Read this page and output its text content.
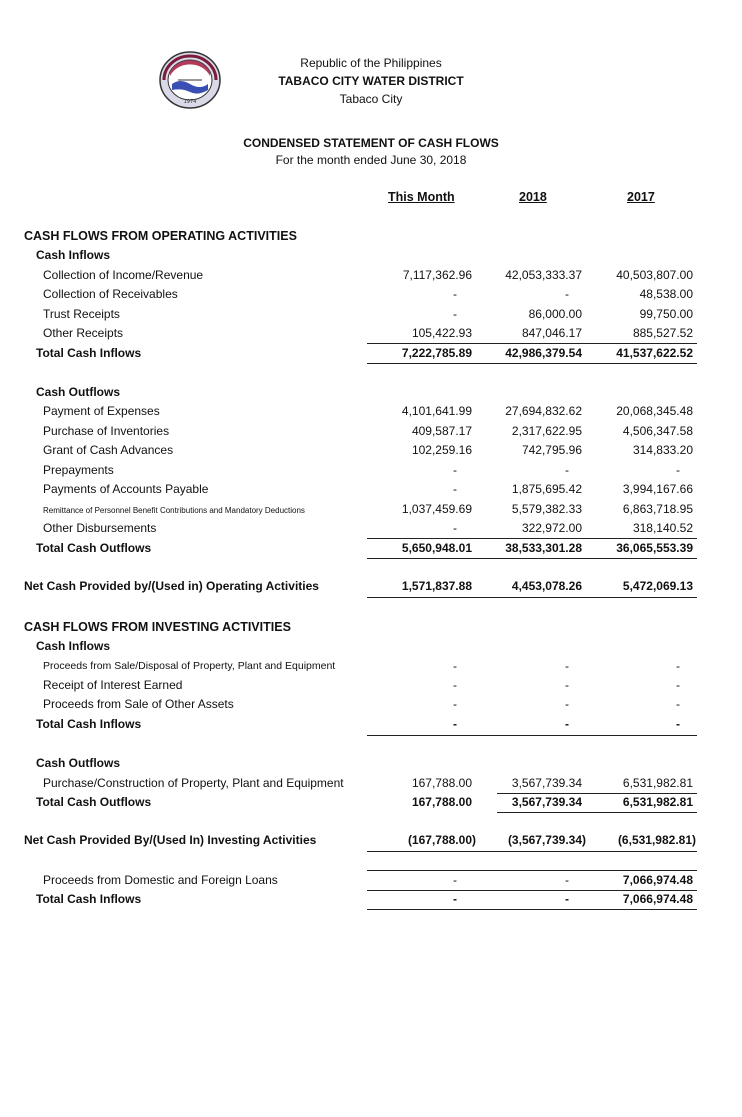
1974
Republic of the Philippines
TABACO CITY WATER DISTRICT
Tabaco City
CONDENSED STATEMENT OF CASH FLOWS
For the month ended June 30, 2018
This Month	2018	2017
CASH FLOWS FROM OPERATING ACTIVITIES
Cash Inflows
Collection of Income/Revenue	7,117,362.96	42,053,333.37	40,503,807.00
Collection of Receivables	-	-	48,538.00
Trust Receipts	-	86,000.00	99,750.00
Other Receipts	105,422.93	847,046.17	885,527.52
Total Cash Inflows	7,222,785.89	42,986,379.54	41,537,622.52
Cash Outflows
Payment of Expenses	4,101,641.99	27,694,832.62	20,068,345.48
Purchase of Inventories	409,587.17	2,317,622.95	4,506,347.58
Grant of Cash Advances	102,259.16	742,795.96	314,833.20
Prepayments	-	-	-
Payments of Accounts Payable	-	1,875,695.42	3,994,167.66
Remittance of Personnel Benefit Contributions and Mandatory Deductions	1,037,459.69	5,579,382.33	6,863,718.95
Other Disbursements	-	322,972.00	318,140.52
Total Cash Outflows	5,650,948.01	38,533,301.28	36,065,553.39
Net Cash Provided by/(Used in) Operating Activities	1,571,837.88	4,453,078.26	5,472,069.13
CASH FLOWS FROM INVESTING ACTIVITIES
Cash Inflows
Proceeds from Sale/Disposal of Property, Plant and Equipment	-	-	-
Receipt of Interest Earned	-	-	-
Proceeds from Sale of Other Assets	-	-	-
Total Cash Inflows	-	-	-
Cash Outflows
Purchase/Construction of Property, Plant and Equipment	167,788.00	3,567,739.34	6,531,982.81
Total Cash Outflows	167,788.00	3,567,739.34	6,531,982.81
Net Cash Provided By/(Used In) Investing Activities	(167,788.00)	(3,567,739.34)	(6,531,982.81)
Proceeds from Domestic and Foreign Loans	-	-	7,066,974.48
Total Cash Inflows	-	-	7,066,974.48
